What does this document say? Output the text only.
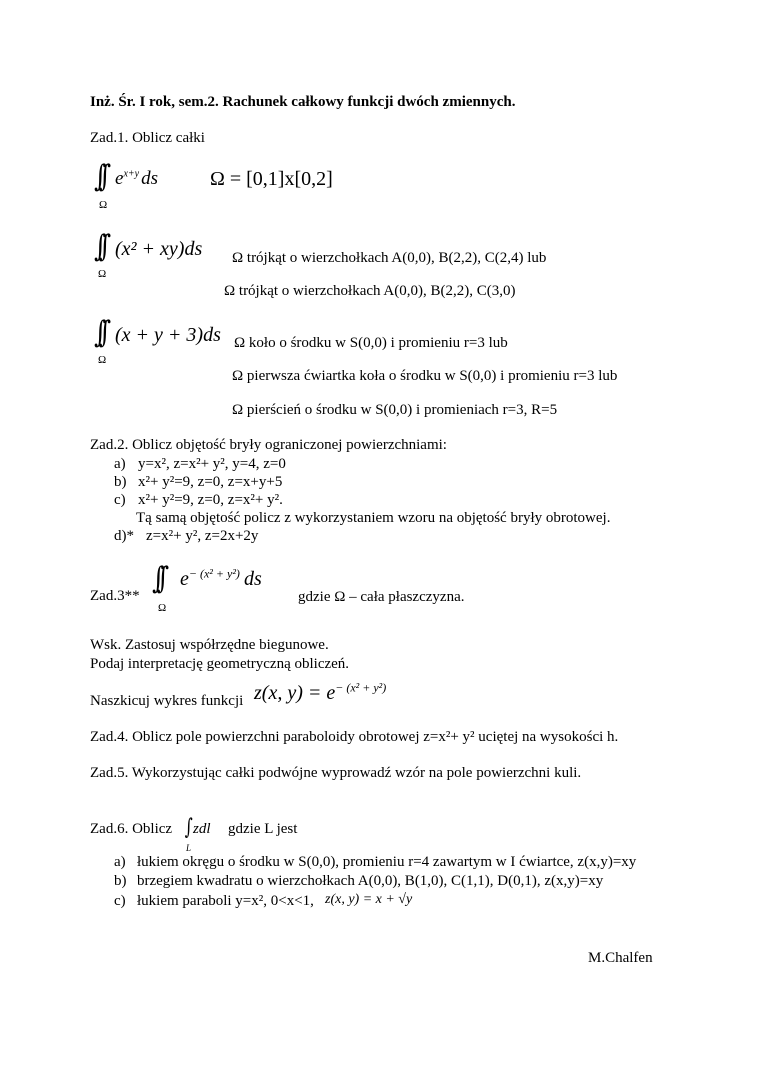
Inż. Śr. I rok, sem.2. Rachunek całkowy funkcji dwóch zmiennych.
Zad.1. Oblicz całki
∫∫ $e^{x+y}$ ds
Ω
Ω = [0,1]x[0,2]
∫∫ (x² + xy)ds
Ω
Ω trójkąt o wierzchołkach A(0,0), B(2,2), C(2,4) lub
Ω trójkąt o wierzchołkach A(0,0), B(2,2), C(3,0)
∫∫ (x + y + 3)ds
Ω
Ω koło o środku w S(0,0) i promieniu r=3 lub
Ω pierwsza ćwiartka koła o środku w S(0,0) i promieniu r=3 lub
Ω pierścień o środku w S(0,0) i promieniach r=3, R=5
Zad.2. Oblicz objętość bryły ograniczonej powierzchniami:
a) y=x², z=x²+ y², y=4, z=0
b) x²+ y²=9, z=0, z=x+y+5
c) x²+ y²=9, z=0, z=x²+ y².
Tą samą objętość policz z wykorzystaniem wzoru na objętość bryły obrotowej.
d)* z=x²+ y², z=2x+2y
Zad.3** ∫∫ $e^{- (x^2 + y^2)}$ ds
Ω
gdzie Ω – cała płaszczyzna.
Wsk. Zastosuj współrzędne biegunowe.
Podaj interpretację geometryczną obliczeń.
Naszkicuj wykres funkcji z(x, $y) = e^{- (x^2 + y^2)}$
Zad.4. Oblicz pole powierzchni paraboloidy obrotowej z=x²+ y² uciętej na wysokości h.
Zad.5. Wykorzystując całki podwójne wyprowadź wzór na pole powierzchni kuli.
Zad.6. Oblicz ∫ zdl
L
gdzie L jest
a) łukiem okręgu o środku w S(0,0), promieniu r=4 zawartym w I ćwiartce, z(x,y)=xy
b) brzegiem kwadratu o wierzchołkach A(0,0), B(1,0), C(1,1), D(0,1), z(x,y)=xy
c) łukiem paraboli y=x², 0<x<1, z(x, y) = x + √y
M.Chalfen
